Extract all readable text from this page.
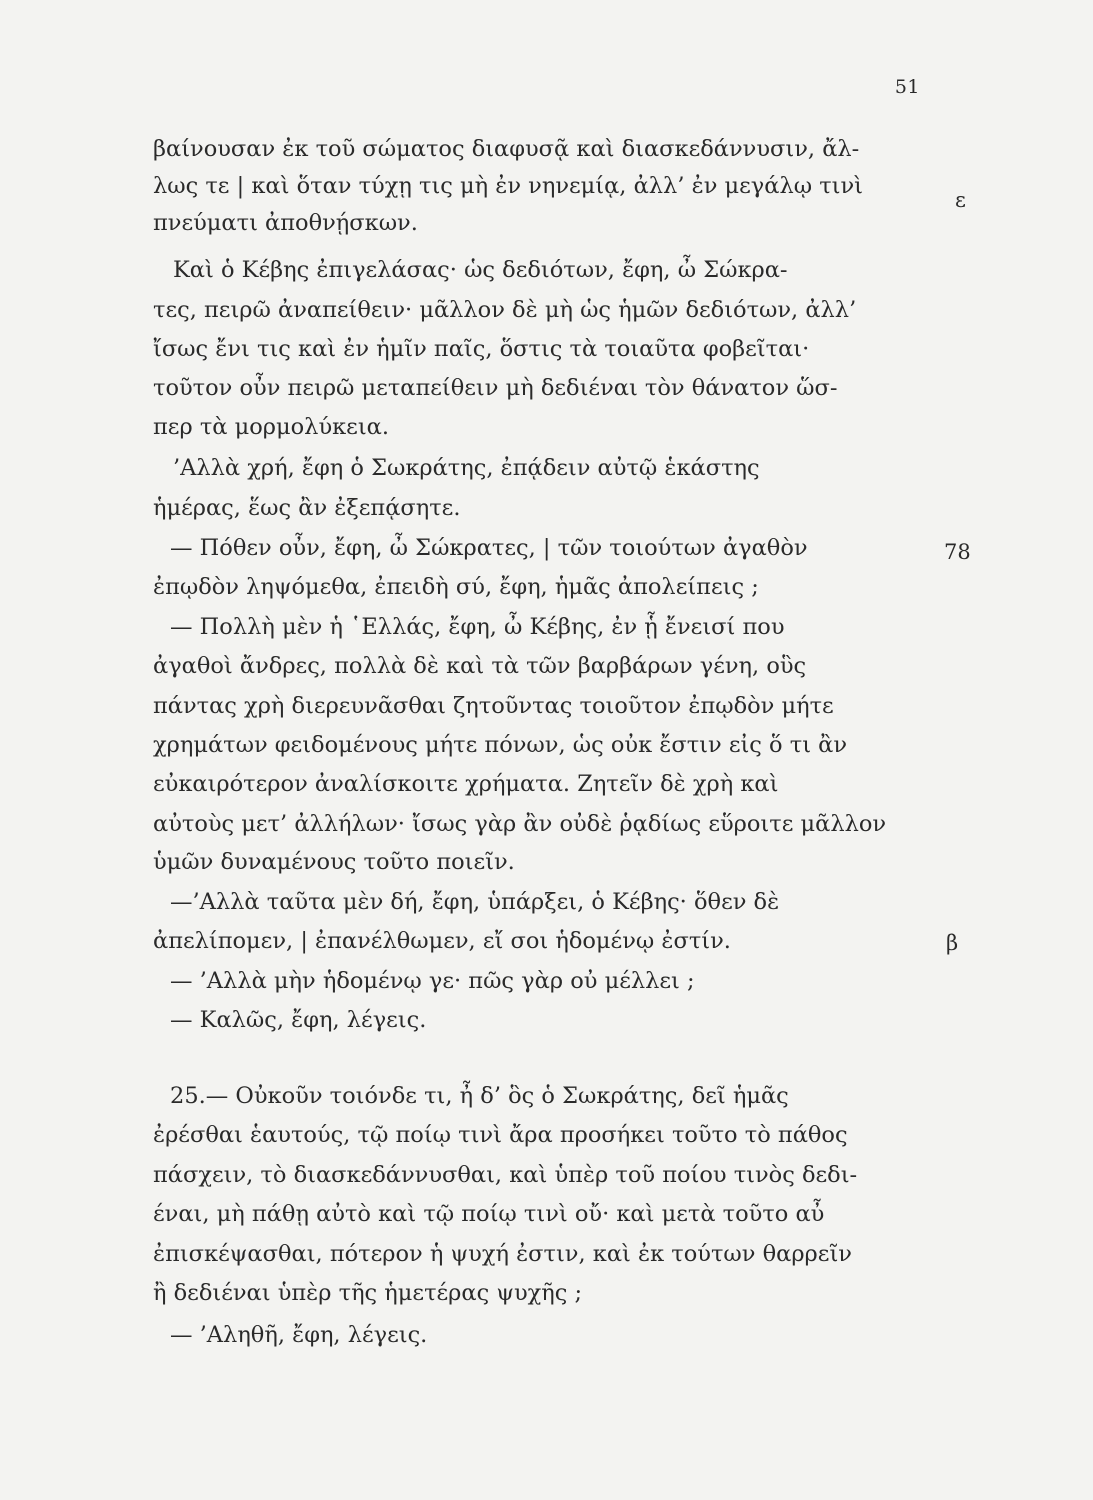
51
βαίνουσαν ἐκ τοῦ σώματος διαφυσᾷ καὶ διασκεδάννυσιν, ἄλ-
λως τε | καὶ ὅταν τύχῃ τις μὴ ἐν νηνεμίᾳ, ἀλλ’ ἐν μεγάλῳ τινὶ
πνεύματι ἀποθνῄσκων.
Καὶ ὁ Κέβης ἐπιγελάσας· ὡς δεδιότων, ἔφη, ὦ Σώκρα-
τες, πειρῶ ἀναπείθειν· μᾶλλον δὲ μὴ ὡς ἡμῶν δεδιότων, ἀλλ’
ἴσως ἔνι τις καὶ ἐν ἡμῖν παῖς, ὅστις τὰ τοιαῦτα φοβεῖται·
τοῦτον οὖν πειρῶ μεταπείθειν μὴ δεδιέναι τὸν θάνατον ὥσ-
περ τὰ μορμολύκεια.
’Αλλὰ χρή, ἔφη ὁ Σωκράτης, ἐπᾴδειν αὐτῷ ἑκάστης
ἡμέρας, ἕως ἂν ἐξεπᾴσητε.
— Πόθεν οὖν, ἔφη, ὦ Σώκρατες, | τῶν τοιούτων ἀγαθὸν
ἐπῳδὸν ληψόμεθα, ἐπειδὴ σύ, ἔφη, ἡμᾶς ἀπολείπεις ;
— Πολλὴ μὲν ἡ ῾Ελλάς, ἔφη, ὦ Κέβης, ἐν ᾗ ἔνεισί που
ἀγαθοὶ ἄνδρες, πολλὰ δὲ καὶ τὰ τῶν βαρβάρων γένη, οὓς
πάντας χρὴ διερευνᾶσθαι ζητοῦντας τοιοῦτον ἐπῳδὸν μήτε
χρημάτων φειδομένους μήτε πόνων, ὡς οὐκ ἔστιν εἰς ὅ τι ἂν
εὐκαιρότερον ἀναλίσκοιτε χρήματα. Ζητεῖν δὲ χρὴ καὶ
αὐτοὺς μετ’ ἀλλήλων· ἴσως γὰρ ἂν οὐδὲ ῥᾳδίως εὕροιτε μᾶλλον
ὑμῶν δυναμένους τοῦτο ποιεῖν.
—’Αλλὰ ταῦτα μὲν δή, ἔφη, ὑπάρξει, ὁ Κέβης· ὅθεν δὲ
ἀπελίπομεν, | ἐπανέλθωμεν, εἴ σοι ἡδομένῳ ἐστίν.
— ’Αλλὰ μὴν ἡδομένῳ γε· πῶς γὰρ οὐ μέλλει ;
— Καλῶς, ἔφη, λέγεις.
25.— Οὐκοῦν τοιόνδε τι, ἦ δ’ ὃς ὁ Σωκράτης, δεῖ ἡμᾶς
ἐρέσθαι ἑαυτούς, τῷ ποίῳ τινὶ ἄρα προσήκει τοῦτο τὸ πάθος
πάσχειν, τὸ διασκεδάννυσθαι, καὶ ὑπὲρ τοῦ ποίου τινὸς δεδι-
έναι, μὴ πάθῃ αὐτὸ καὶ τῷ ποίῳ τινὶ οὔ· καὶ μετὰ τοῦτο αὖ
ἐπισκέψασθαι, πότερον ἡ ψυχή ἐστιν, καὶ ἐκ τούτων θαρρεῖν
ἢ δεδιέναι ὑπὲρ τῆς ἡμετέρας ψυχῆς ;
— ’Αληθῆ, ἔφη, λέγεις.
ε
78
β
